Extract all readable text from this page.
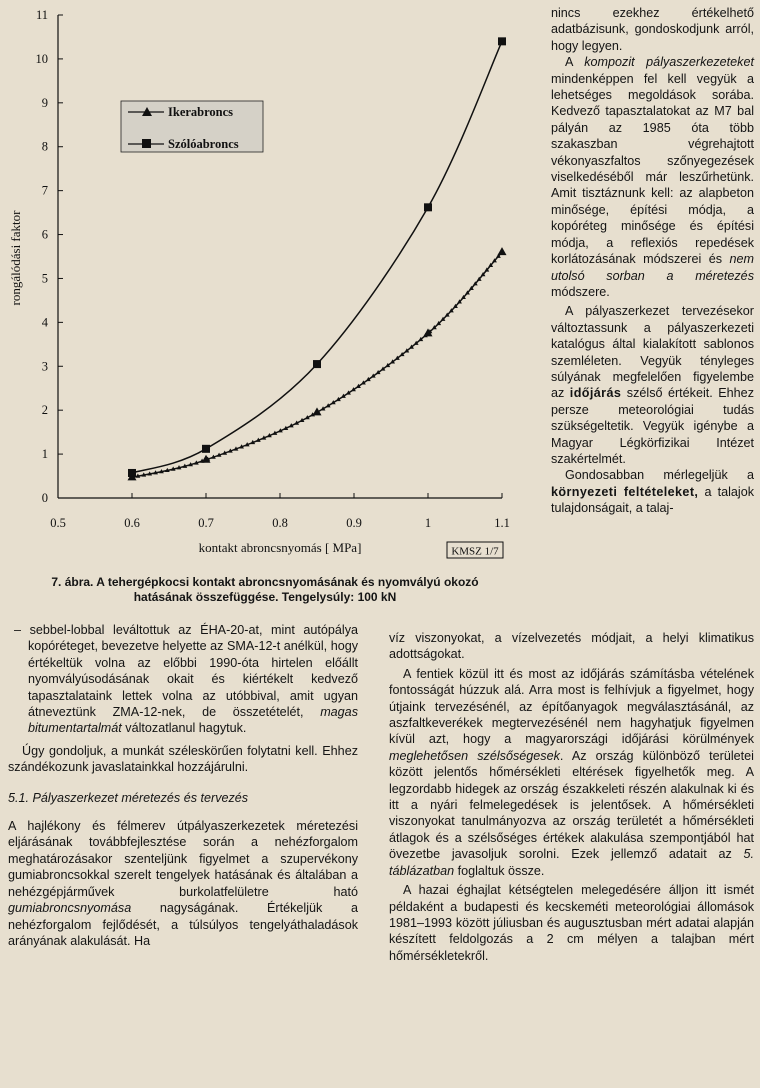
0
1
2
3
4
5
6
7
8
9
10
11
0.5	0.6	0.7	0.8	0.9	1	1.1
rongálódási faktor
kontakt abroncsnyomás [ MPa]	KMSZ 1/7
Ikerabroncs
Szólóabroncs
7. ábra. A tehergépkocsi kontakt abroncsnyomásának és nyomvályú okozó hatásának összefüggése. Tengelysúly: 100 kN

nincs ezekhez értékelhető adatbázisunk, gondoskodjunk arról, hogy legyen.

A kompozit pályaszerkezeteket mindenképpen fel kell vegyük a lehetséges megoldások sorába. Kedvező tapasztalatokat az M7 bal pályán az 1985 óta több szakaszban végrehajtott vékonyaszfaltos szőnyegezések viselkedéséből már leszűrhetünk. Amit tisztáznunk kell: az alapbeton minősége, építési módja, a kopóréteg minősége és építési módja, a reflexiós repedések korlátozásának módszerei és nem utolsó sorban a méretezés módszere.

A pályaszerkezet tervezésekor változtassunk a pályaszerkezeti katalógus által kialakított sablonos szemléleten. Vegyük tényleges súlyának megfelelően figyelembe az időjárás szélső értékeit. Ehhez persze meteorológiai tudás szükségeltetik. Vegyük igénybe a Magyar Légkörfizikai Intézet szakértelmét.

Gondosabban mérlegeljük a környezeti feltételeket, a talajok tulajdonságait, a talaj-

víz viszonyokat, a vízelvezetés módjait, a helyi klimatikus adottságokat.

A fentiek közül itt és most az időjárás számításba vételének fontosságát húzzuk alá. Arra most is felhívjuk a figyelmet, hogy útjaink tervezésénél, az építőanyagok megválasztásánál, az aszfaltkeverékek megtervezésénél nem hagyhatjuk figyelmen kívül azt, hogy a magyarországi időjárási körülmények meglehetősen szélsőségesek. Az ország különböző területei között jelentős hőmérsékleti eltérések figyelhetők meg. A legzordabb hidegek az ország északkeleti részén alakulnak ki és itt a nyári felmelegedések is jelentősek. A hőmérsékleti viszonyokat tanulmányozva az ország területét a hőmérsékleti átlagok és a szélsőséges értékek alakulása szempontjából hat övezetbe javasoljuk sorolni. Ezek jellemző adatait az 5. táblázatban foglaltuk össze.

A hazai éghajlat kétségtelen melegedésére álljon itt ismét példaként a budapesti és kecskeméti meteorológiai állomások 1981–1993 között júliusban és augusztusban mért adatai alapján készített feldolgozás a 2 cm mélyen a talajban mért hőmérsékletekről.

– sebbel-lobbal leváltottuk az ÉHA-20-at, mint autópálya kopóréteget, bevezetve helyette az SMA-12-t anélkül, hogy értékeltük volna az előbbi 1990-óta hirtelen előállt nyomvályúsodásának okait és kiértékelt kedvező tapasztalataink lettek volna az utóbbival, amit ugyan átneveztünk ZMA-12-nek, de összetételét, magas bitumentartalmát változatlanul hagytuk.

Úgy gondoljuk, a munkát széleskörűen folytatni kell. Ehhez szándékozunk javaslatainkkal hozzájárulni.

5.1. Pályaszerkezet méretezés és tervezés

A hajlékony és félmerev útpályaszerkezetek méretezési eljárásának továbbfejlesztése során a nehézforgalom meghatározásakor szenteljünk figyelmet a szupervékony gumiabroncsokkal szerelt tengelyek hatásának és általában a nehézgépjárművek burkolatfelületre ható gumiabroncsnyomása nagyságának. Értékeljük a nehézforgalom fejlődését, a túlsúlyos tengelyáthaladások arányának alakulását. Ha
